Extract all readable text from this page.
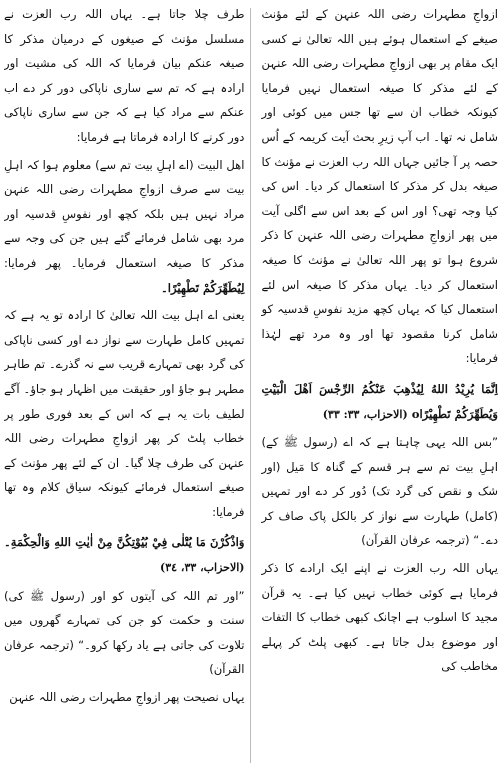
ازواجِ مطہرات رضی اللہ عنہن کے لئے مؤنث صیغے کے استعمال ہوئے ہیں اللہ تعالیٰ نے کسی ایک مقام پر بھی ازواجِ مطہرات رضی اللہ عنہن کے لئے مذکر کا صیغہ استعمال نہیں فرمایا کیونکہ خطاب ان سے تھا جس میں کوئی اور شامل نہ تھا۔ اب آپ زیرِ بحث آیت کریمہ کے اُس حصہ پر آ جائیں جہاں اللہ رب العزت نے مؤنث کا صیغہ بدل کر مذکر کا استعمال کر دیا۔ اس کی کیا وجہ تھی؟ اور اس کے بعد اس سے اگلی آیت میں پھر ازواجِ مطہرات رضی اللہ عنہن کا ذکر شروع ہوا تو پھر اللہ تعالیٰ نے مؤنث کا صیغہ استعمال کر دیا۔ یہاں مذکر کا صیغہ اس لئے استعمال کیا کہ یہاں کچھ مزید نفوسِ قدسیہ کو شامل کرنا مقصود تھا اور وہ مرد تھے لہٰذا فرمایا:

اِنَّمَا يُرِيْدُ اللهُ لِيُذْهِبَ عَنْكُمُ الرِّجْسَ اَهْلَ الْبَيْتِ وَيُطَهِّرَكُمْ تَطْهِيْرًاo (الاحزاب، ٣٣: ٣٣)

”بس اللہ یہی چاہتا ہے کہ اے (رسول ﷺ کے) اہلِ بیت تم سے ہر قسم کے گناہ کا مَیل (اور شک و نقص کی گرد تک) دُور کر دے اور تمہیں (کامل) طہارت سے نواز کر بالکل پاک صاف کر دے۔“ (ترجمہ عرفان القرآن)

یہاں اللہ رب العزت نے اپنے ایک ارادے کا ذکر فرمایا ہے کوئی خطاب نہیں کیا ہے۔ یہ قرآن مجید کا اسلوب ہے اچانک کبھی خطاب کا التفات اور موضوع بدل جاتا ہے۔ کبھی پلٹ کر پہلے مخاطب کی

طرف چلا جاتا ہے۔ یہاں اللہ رب العزت نے مسلسل مؤنث کے صیغوں کے درمیان مذکر کا صیغہ عنکم بیان فرمایا کہ اللہ کی مشیت اور ارادہ ہے کہ تم سے ساری ناپاکی دور کر دے اب عنکم سے مراد کیا ہے کہ جن سے ساری ناپاکی دور کرنے کا ارادہ فرماتا ہے فرمایا:

اھل البیت (اے اہلِ بیت تم سے) معلوم ہوا کہ اہلِ بیت سے صرف ازواجِ مطہرات رضی اللہ عنہن مراد نہیں ہیں بلکہ کچھ اور نفوسِ قدسیہ اور مرد بھی شامل فرمائے گئے ہیں جن کی وجہ سے مذکر کا صیغہ استعمال فرمایا۔ پھر فرمایا: لِيُطَهِّرَكُمْ تَطْهِيْرًا۔

یعنی اے اہل بیت اللہ تعالیٰ کا ارادہ تو یہ ہے کہ تمہیں کامل طہارت سے نواز دے اور کسی ناپاکی کی گرد بھی تمہارے قریب سے نہ گذرے۔ تم طاہر مطہر ہو جاؤ اور حقیقت میں اظہار ہو جاؤ۔ آگے لطیف بات یہ ہے کہ اس کے بعد فوری طور پر خطاب پلٹ کر پھر ازواجِ مطہرات رضی اللہ عنہن کی طرف چلا گیا۔ ان کے لئے پھر مؤنث کے صیغے استعمال فرمائے کیونکہ سیاق کلام وہ تھا فرمایا:

وَاذْكُرْنَ مَا يُتْلٰى فِيْ بُيُوْتِكُنَّ مِنْ اٰيٰتِ اللهِ وَالْحِكْمَةِ۔ (الاحزاب، ٣٣، ٣٤)

”اور تم اللہ کی آیتوں کو اور (رسول ﷺ کی) سنت و حکمت کو جن کی تمہارے گھروں میں تلاوت کی جاتی ہے یاد رکھا کرو۔“ (ترجمہ عرفان القرآن)

یہاں نصیحت پھر ازواجِ مطہرات رضی اللہ عنہن
